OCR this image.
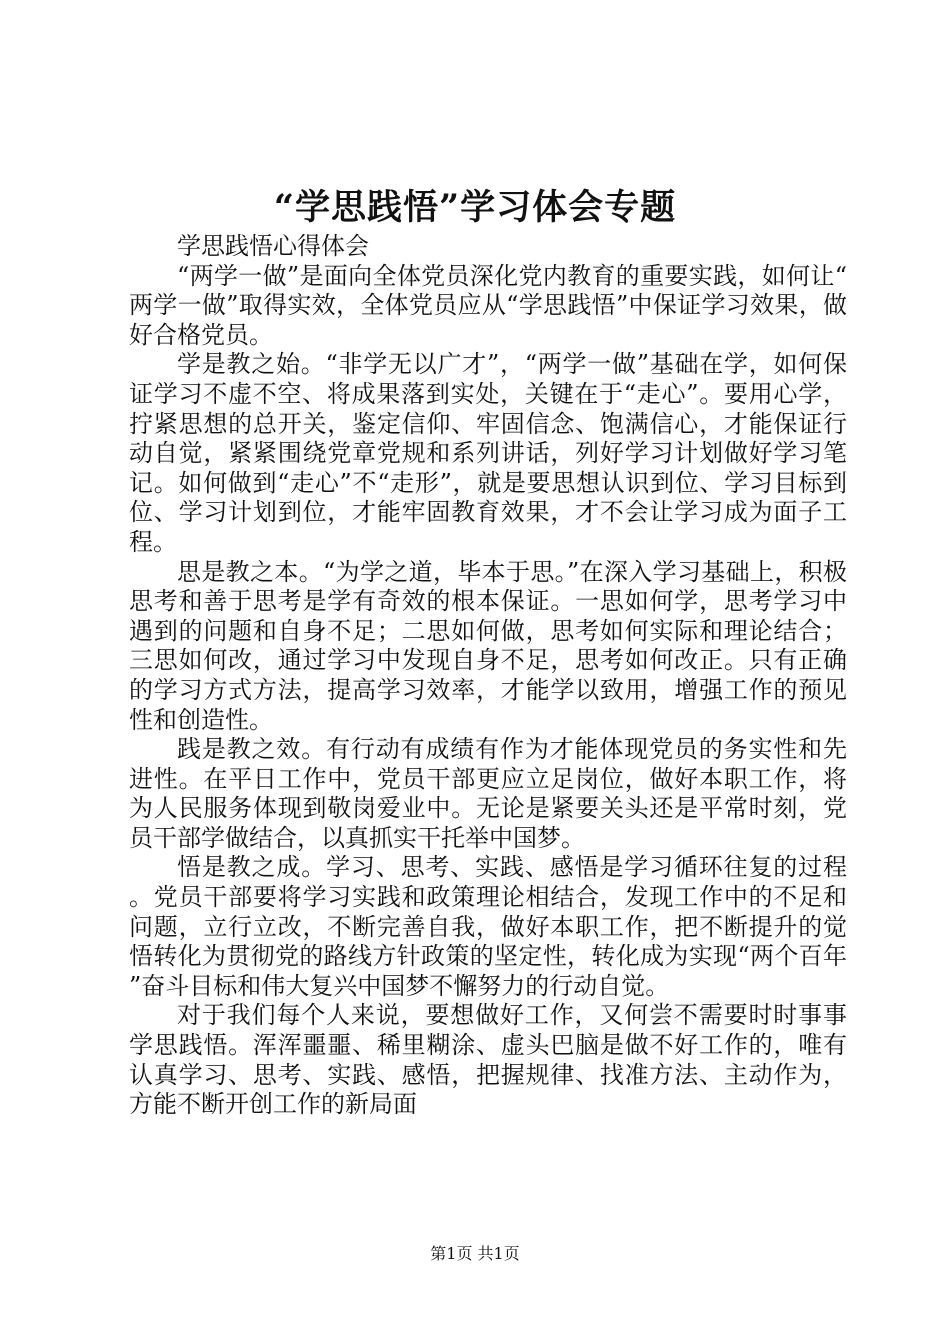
“学思践悟”学习体会专题

学思践悟心得体会

“两学一做”是面向全体党员深化党内教育的重要实践，如何让“两学一做”取得实效，全体党员应从“学思践悟”中保证学习效果，做好合格党员。

学是教之始。“非学无以广才”，“两学一做”基础在学，如何保证学习不虚不空、将成果落到实处，关键在于“走心”。要用心学，拧紧思想的总开关，鉴定信仰、牢固信念、饱满信心，才能保证行动自觉，紧紧围绕党章党规和系列讲话，列好学习计划做好学习笔记。如何做到“走心”不“走形”，就是要思想认识到位、学习目标到位、学习计划到位，才能牢固教育效果，才不会让学习成为面子工程。

思是教之本。“为学之道，毕本于思。”在深入学习基础上，积极思考和善于思考是学有奇效的根本保证。一思如何学，思考学习中遇到的问题和自身不足；二思如何做，思考如何实际和理论结合；三思如何改，通过学习中发现自身不足，思考如何改正。只有正确的学习方式方法，提高学习效率，才能学以致用，增强工作的预见性和创造性。

践是教之效。有行动有成绩有作为才能体现党员的务实性和先进性。在平日工作中，党员干部更应立足岗位，做好本职工作，将为人民服务体现到敬岗爱业中。无论是紧要关头还是平常时刻，党员干部学做结合，以真抓实干托举中国梦。

悟是教之成。学习、思考、实践、感悟是学习循环往复的过程。党员干部要将学习实践和政策理论相结合，发现工作中的不足和问题，立行立改，不断完善自我，做好本职工作，把不断提升的觉悟转化为贯彻党的路线方针政策的坚定性，转化成为实现“两个百年”奋斗目标和伟大复兴中国梦不懈努力的行动自觉。

对于我们每个人来说，要想做好工作，又何尝不需要时时事事学思践悟。浑浑噩噩、稀里糊涂、虚头巴脑是做不好工作的，唯有认真学习、思考、实践、感悟，把握规律、找准方法、主动作为，方能不断开创工作的新局面

第1页 共1页
